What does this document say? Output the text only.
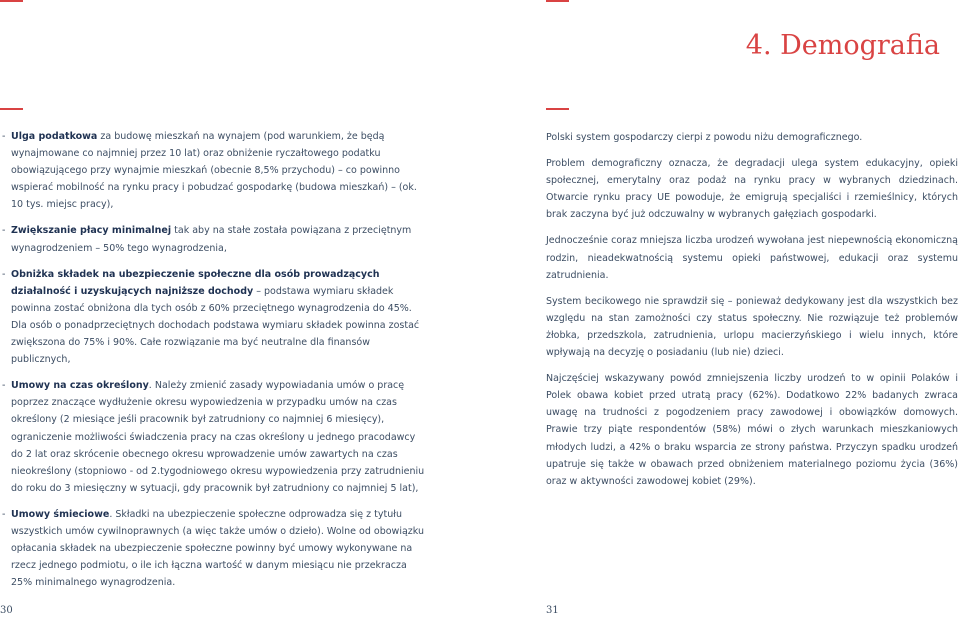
4. Demografia
- Ulga podatkowa za budowę mieszkań na wynajem (pod warunkiem, że będą wynajmowane co najmniej przez 10 lat) oraz obniżenie ryczałtowego podatku obowiązującego przy wynajmie mieszkań (obecnie 8,5% przychodu) – co powinno wspierać mobilność na rynku pracy i pobudzać gospodarkę (budowa mieszkań) – (ok. 10 tys. miejsc pracy),
- Zwiększanie płacy minimalnej tak aby na stałe została powiązana z przeciętnym wynagrodzeniem – 50% tego wynagrodzenia,
- Obniżka składek na ubezpieczenie społeczne dla osób prowadzących działalność i uzyskujących najniższe dochody – podstawa wymiaru składek powinna zostać obniżona dla tych osób z 60% przeciętnego wynagrodzenia do 45%. Dla osób o ponadprzeciętnych dochodach podstawa wymiaru składek powinna zostać zwiększona do 75% i 90%. Całe rozwiązanie ma być neutralne dla finansów publicznych,
- Umowy na czas określony. Należy zmienić zasady wypowiadania umów o pracę poprzez znaczące wydłużenie okresu wypowiedzenia w przypadku umów na czas określony (2 miesiące jeśli pracownik był zatrudniony co najmniej 6 miesięcy), ograniczenie możliwości świadczenia pracy na czas określony u jednego pracodawcy do 2 lat oraz skrócenie obecnego okresu wprowadzenie umów zawartych na czas nieokreślony (stopniowo - od 2.tygodniowego okresu wypowiedzenia przy zatrudnieniu do roku do 3 miesięczny w sytuacji, gdy pracownik był zatrudniony co najmniej 5 lat),
- Umowy śmieciowe. Składki na ubezpieczenie społeczne odprowadza się z tytułu wszystkich umów cywilnoprawnych (a więc także umów o dzieło). Wolne od obowiązku opłacania składek na ubezpieczenie społeczne powinny być umowy wykonywane na rzecz jednego podmiotu, o ile ich łączna wartość w danym miesiącu nie przekracza 25% minimalnego wynagrodzenia.

Polski system gospodarczy cierpi z powodu niżu demograficznego.

Problem demograficzny oznacza, że degradacji ulega system edukacyjny, opieki społecznej, emerytalny oraz podaż na rynku pracy w wybranych dziedzinach. Otwarcie rynku pracy UE powoduje, że emigrują specjaliści i rzemieślnicy, których brak zaczyna być już odczuwalny w wybranych gałęziach gospodarki.

Jednocześnie coraz mniejsza liczba urodzeń wywołana jest niepewnością ekonomiczną rodzin, nieadekwatnością systemu opieki państwowej, edukacji oraz systemu zatrudnienia.

System becikowego nie sprawdził się – ponieważ dedykowany jest dla wszystkich bez względu na stan zamożności czy status społeczny. Nie rozwiązuje też problemów żłobka, przedszkola, zatrudnienia, urlopu macierzyńskiego i wielu innych, które wpływają na decyzję o posiadaniu (lub nie) dzieci.

Najczęściej wskazywany powód zmniejszenia liczby urodzeń to w opinii Polaków i Polek obawa kobiet przed utratą pracy (62%). Dodatkowo 22% badanych zwraca uwagę na trudności z pogodzeniem pracy zawodowej i obowiązków domowych. Prawie trzy piąte respondentów (58%) mówi o złych warunkach mieszkaniowych młodych ludzi, a 42% o braku wsparcia ze strony państwa. Przyczyn spadku urodzeń upatruje się także w obawach przed obniżeniem materialnego poziomu życia (36%) oraz w aktywności zawodowej kobiet (29%).

30	31
